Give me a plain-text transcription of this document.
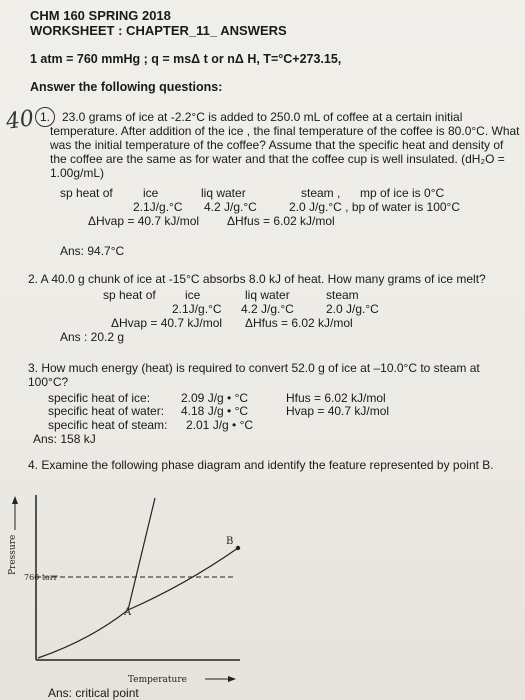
CHM 160 SPRING 2018
WORKSHEET : CHAPTER_11_ ANSWERS
1 atm = 760 mmHg ; q = msΔ t or nΔ H, T=°C+273.15,
Answer the following questions:
40 1. 23.0 grams of ice at -2.2°C is added to 250.0 mL of coffee at a certain initial temperature. After addition of the ice , the final temperature of the coffee is 80.0°C. What was the initial temperature of the coffee? Assume that the specific heat and density of the coffee are the same as for water and that the coffee cup is well insulated. (dH₂O = 1.00g/mL)
sp heat of	ice	liq water	steam , mp of ice is 0°C
2.1J/g.°C 4.2 J/g.°C	2.0 J/g.°C , bp of water is 100°C
ΔHvap = 40.7 kJ/mol ΔHfus = 6.02 kJ/mol
Ans: 94.7°C
2. A 40.0 g chunk of ice at -15°C absorbs 8.0 kJ of heat. How many grams of ice melt?
sp heat of ice	liq water	steam
2.1J/g.°C 4.2 J/g.°C	2.0 J/g.°C
ΔHvap = 40.7 kJ/mol ΔHfus = 6.02 kJ/mol
Ans : 20.2 g
3. How much energy (heat) is required to convert 52.0 g of ice at –10.0°C to steam at 100°C?
specific heat of ice:	2.09 J/g • °C	Hfus = 6.02 kJ/mol
specific heat of water: 4.18 J/g • °C	Hvap = 40.7 kJ/mol
specific heat of steam: 2.01 J/g • °C
Ans: 158 kJ
4. Examine the following phase diagram and identify the feature represented by point B.
B
A
760 torr
Pressure
Temperature
Ans: critical point
